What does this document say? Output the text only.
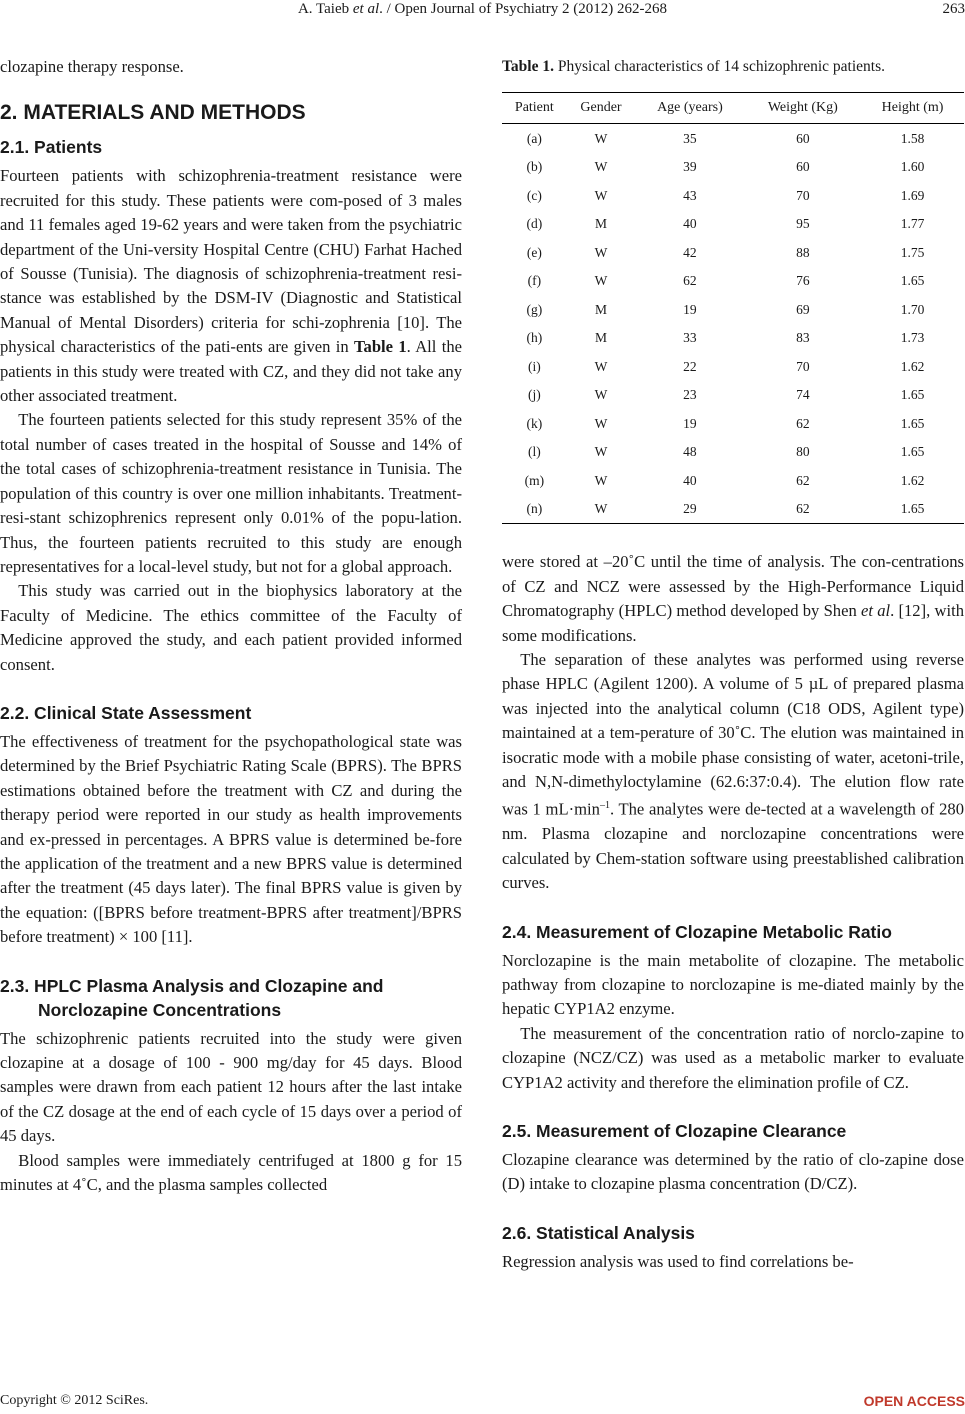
A. Taieb et al. / Open Journal of Psychiatry 2 (2012) 262-268	263

clozapine therapy response.

2. MATERIALS AND METHODS
2.1. Patients

Fourteen patients with schizophrenia-treatment resistance were recruited for this study. These patients were com-posed of 3 males and 11 females aged 19-62 years and were taken from the psychiatric department of the Uni-versity Hospital Centre (CHU) Farhat Hached of Sousse (Tunisia). The diagnosis of schizophrenia-treatment resi-stance was established by the DSM-IV (Diagnostic and Statistical Manual of Mental Disorders) criteria for schi-zophrenia [10]. The physical characteristics of the pati-ents are given in Table 1. All the patients in this study were treated with CZ, and they did not take any other associated treatment.

The fourteen patients selected for this study represent 35% of the total number of cases treated in the hospital of Sousse and 14% of the total cases of schizophrenia-treatment resistance in Tunisia. The population of this country is over one million inhabitants. Treatment-resi-stant schizophrenics represent only 0.01% of the popu-lation. Thus, the fourteen patients recruited to this study are enough representatives for a local-level study, but not for a global approach.

This study was carried out in the biophysics laboratory at the Faculty of Medicine. The ethics committee of the Faculty of Medicine approved the study, and each patient provided informed consent.

2.2. Clinical State Assessment

The effectiveness of treatment for the psychopathological state was determined by the Brief Psychiatric Rating Scale (BPRS). The BPRS estimations obtained before the treatment with CZ and during the therapy period were reported in our study as health improvements and ex-pressed in percentages. A BPRS value is determined be-fore the application of the treatment and a new BPRS value is determined after the treatment (45 days later). The final BPRS value is given by the equation: ([BPRS before treatment-BPRS after treatment]/BPRS before treatment) × 100 [11].

2.3. HPLC Plasma Analysis and Clozapine and
Norclozapine Concentrations

The schizophrenic patients recruited into the study were given clozapine at a dosage of 100 - 900 mg/day for 45 days. Blood samples were drawn from each patient 12 hours after the last intake of the CZ dosage at the end of each cycle of 15 days over a period of 45 days.

Blood samples were immediately centrifuged at 1800 g for 15 minutes at 4˚C, and the plasma samples collected

Table 1. Physical characteristics of 14 schizophrenic patients.

Patient	Gender	Age (years)	Weight (Kg)	Height (m)
(a)	W	35	60	1.58
(b)	W	39	60	1.60
(c)	W	43	70	1.69
(d)	M	40	95	1.77
(e)	W	42	88	1.75
(f)	W	62	76	1.65
(g)	M	19	69	1.70
(h)	M	33	83	1.73
(i)	W	22	70	1.62
(j)	W	23	74	1.65
(k)	W	19	62	1.65
(l)	W	48	80	1.65
(m)	W	40	62	1.62
(n)	W	29	62	1.65

were stored at –20˚C until the time of analysis. The con-centrations of CZ and NCZ were assessed by the High-Performance Liquid Chromatography (HPLC) method developed by Shen et al. [12], with some modifications.

The separation of these analytes was performed using reverse phase HPLC (Agilent 1200). A volume of 5 µL of prepared plasma was injected into the analytical column (C18 ODS, Agilent type) maintained at a tem-perature of 30˚C. The elution was maintained in isocratic mode with a mobile phase consisting of water, acetoni-trile, and N,N-dimethyloctylamine (62.6:37:0.4). The elution flow rate was 1 $mL\cdot\min^{-1}$. The analytes were de-tected at a wavelength of 280 nm. Plasma clozapine and norclozapine concentrations were calculated by Chem-station software using preestablished calibration curves.

2.4. Measurement of Clozapine Metabolic Ratio

Norclozapine is the main metabolite of clozapine. The metabolic pathway from clozapine to norclozapine is me-diated mainly by the hepatic CYP1A2 enzyme.

The measurement of the concentration ratio of norclo-zapine to clozapine (NCZ/CZ) was used as a metabolic marker to evaluate CYP1A2 activity and therefore the elimination profile of CZ.

2.5. Measurement of Clozapine Clearance

Clozapine clearance was determined by the ratio of clo-zapine dose (D) intake to clozapine plasma concentration (D/CZ).

2.6. Statistical Analysis

Regression analysis was used to find correlations be-

Copyright © 2012 SciRes.	OPEN ACCESS
